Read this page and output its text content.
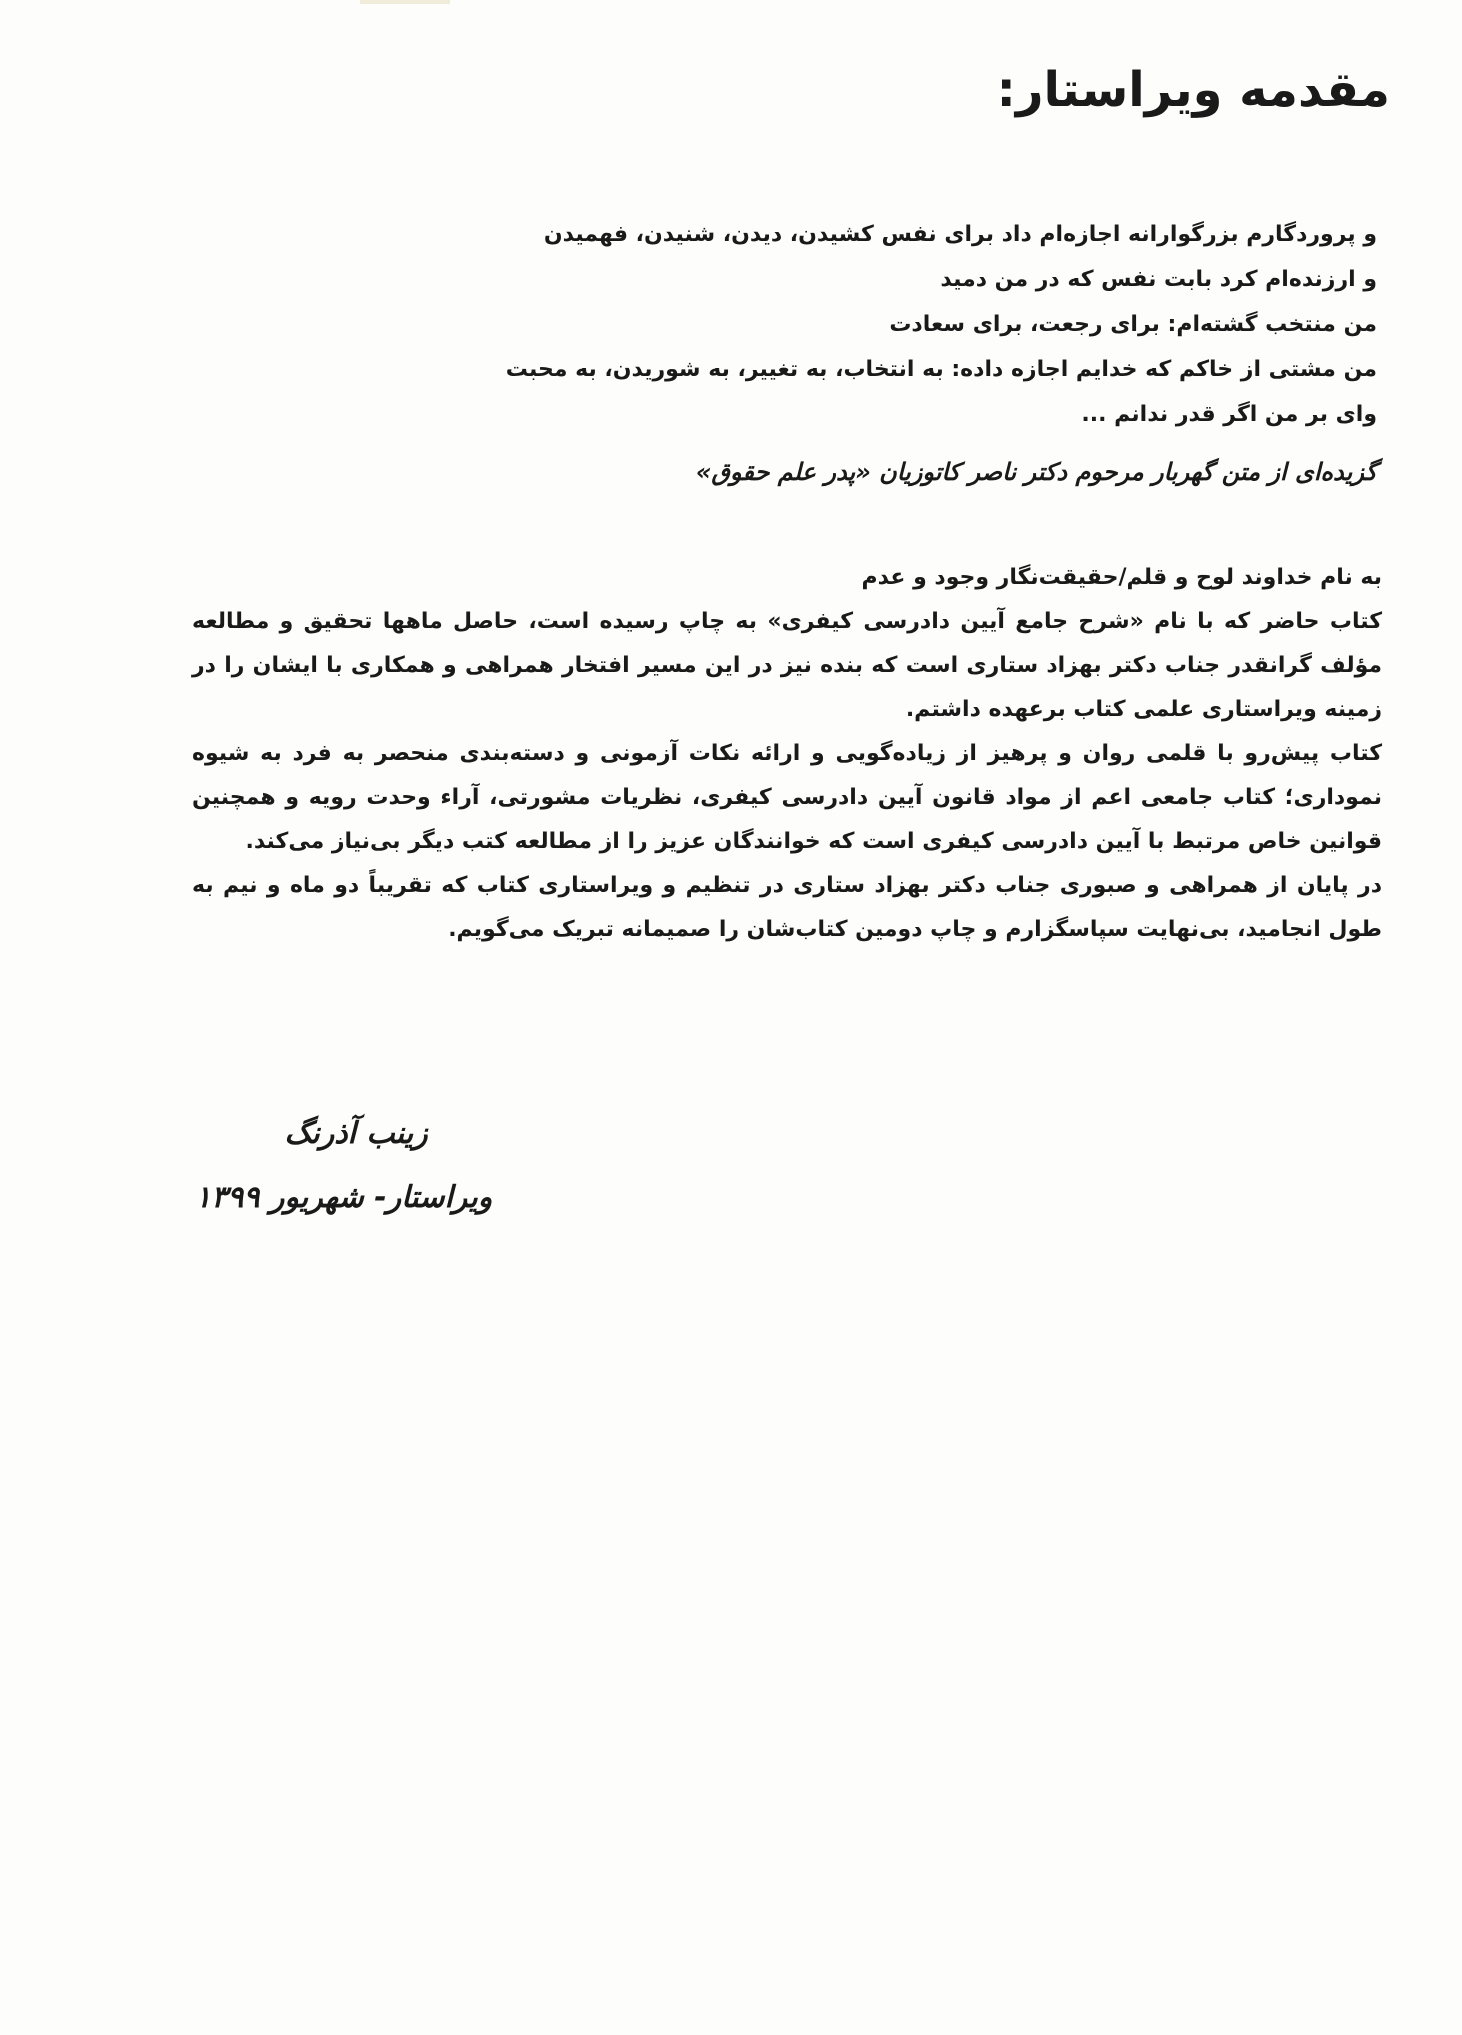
مقدمه ویراستار:
و پروردگارم بزرگوارانه اجازه‌ام داد برای نفس کشیدن، دیدن، شنیدن، فهمیدن
و ارزنده‌ام کرد بابت نفس که در من دمید
من منتخب گشته‌ام: برای رجعت، برای سعادت
من مشتی از خاکم که خدایم اجازه داده: به انتخاب، به تغییر، به شوریدن، به محبت
وای بر من اگر قدر ندانم ...
گزیده‌ای از متن گهربار مرحوم دکتر ناصر کاتوزیان «پدر علم حقوق»

به نام خداوند لوح و قلم/حقیقت‌نگار وجود و عدم

کتاب حاضر که با نام «شرح جامع آیین دادرسی کیفری» به چاپ رسیده است، حاصل ماهها تحقیق و مطالعه مؤلف گرانقدر جناب دکتر بهزاد ستاری است که بنده نیز در این مسیر افتخار همراهی و همکاری با ایشان را در زمینه ویراستاری علمی کتاب برعهده داشتم.

کتاب پیش‌رو با قلمی روان و پرهیز از زیاده‌گویی و ارائه نکات آزمونی و دسته‌بندی منحصر به فرد به شیوه نموداری؛ کتاب جامعی اعم از مواد قانون آیین دادرسی کیفری، نظریات مشورتی، آراء وحدت رویه و همچنین قوانین خاص مرتبط با آیین دادرسی کیفری است که خوانندگان عزیز را از مطالعه کتب دیگر بی‌نیاز می‌کند.

در پایان از همراهی و صبوری جناب دکتر بهزاد ستاری در تنظیم و ویراستاری کتاب که تقریباً دو ماه و نیم به طول انجامید، بی‌نهایت سپاسگزارم و چاپ دومین کتاب‌شان را صمیمانه تبریک می‌گویم.

زینب آذرنگ
ویراستار- شهریور ۱۳۹۹
